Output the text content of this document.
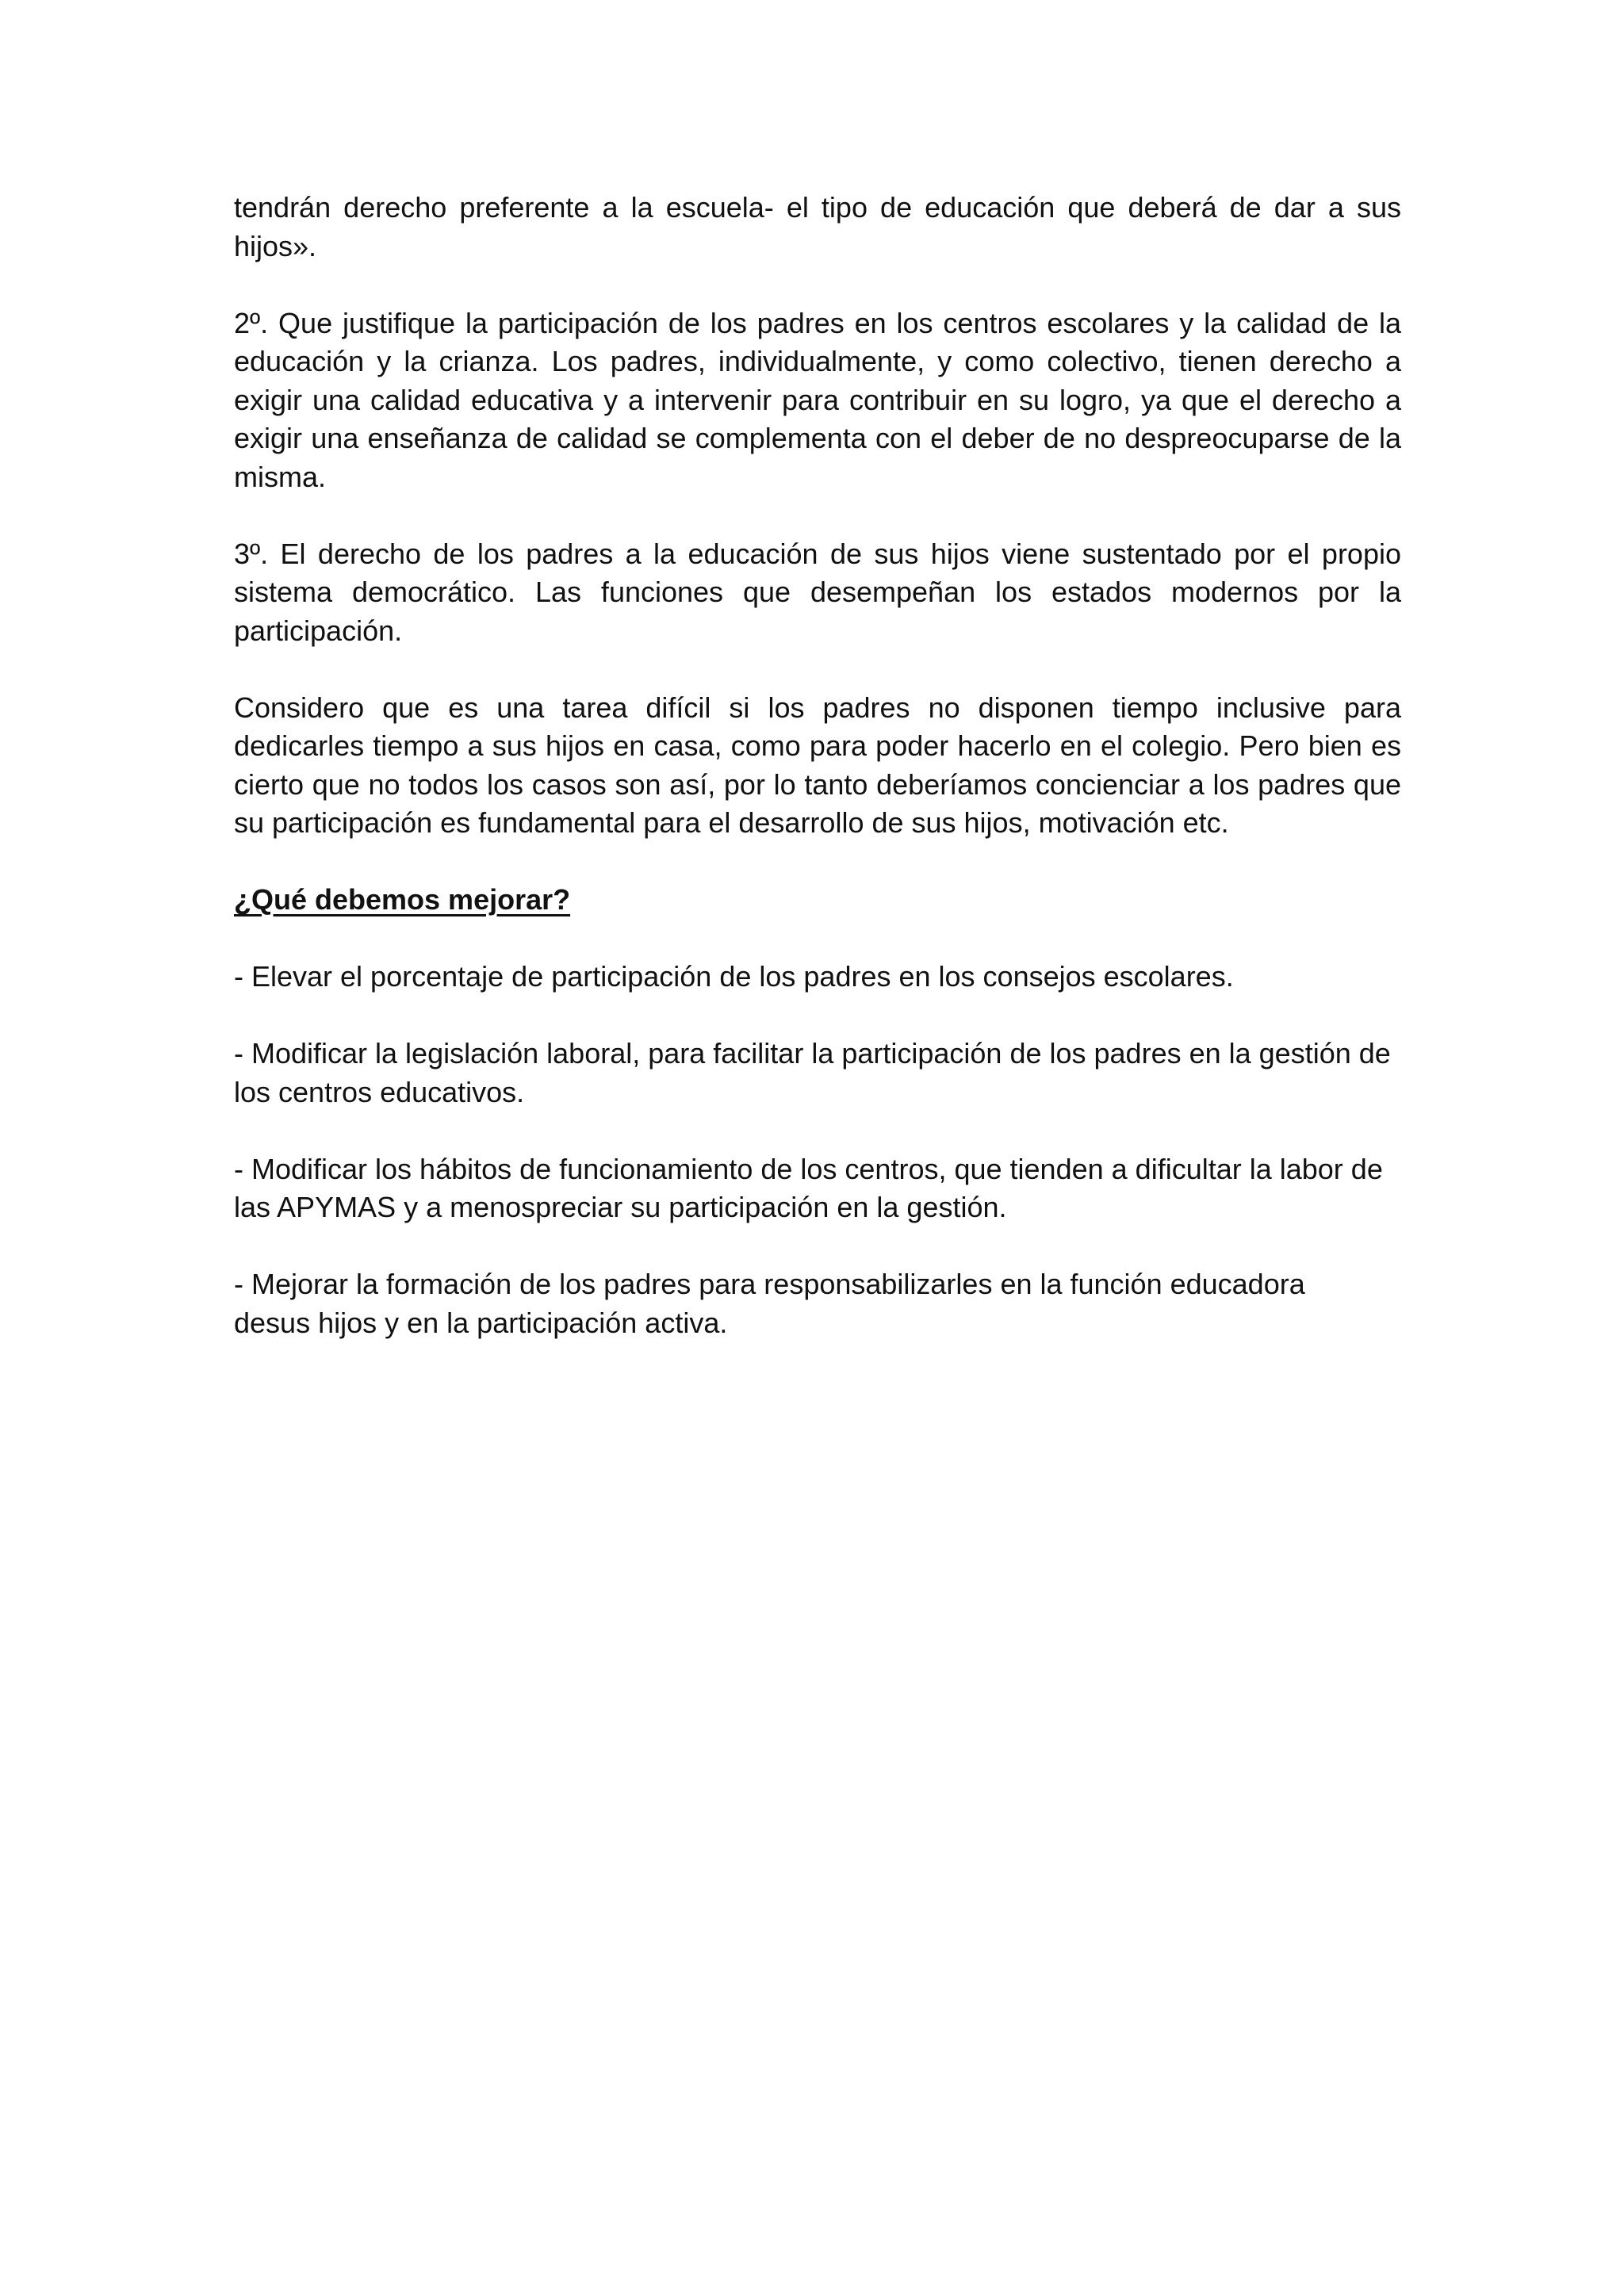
tendrán derecho preferente a la escuela- el tipo de educación que deberá de dar a sus hijos».

2º. Que justifique la participación de los padres en los centros escolares y la calidad de la educación y la crianza. Los padres, individualmente, y como colectivo, tienen derecho a exigir una calidad educativa y a intervenir para contribuir en su logro, ya que el derecho a exigir una enseñanza de calidad se complementa con el deber de no despreocuparse de la misma.

3º. El derecho de los padres a la educación de sus hijos viene sustentado por el propio sistema democrático. Las funciones que desempeñan los estados modernos por la participación.

Considero que es una tarea difícil si los padres no disponen tiempo inclusive para dedicarles tiempo a sus hijos en casa, como para poder hacerlo en el colegio. Pero bien es cierto que no todos los casos son así, por lo tanto deberíamos concienciar a los padres que su participación es fundamental para el desarrollo de sus hijos, motivación etc.

¿Qué debemos mejorar?

- Elevar el porcentaje de participación de los padres en los consejos escolares.

- Modificar la legislación laboral, para facilitar la participación de los padres en la gestión de los centros educativos.

- Modificar los hábitos de funcionamiento de los centros, que tienden a dificultar la labor de las APYMAS y a menospreciar su participación en la gestión.

- Mejorar la formación de los padres para responsabilizarles en la función educadora desus hijos y en la participación activa.
